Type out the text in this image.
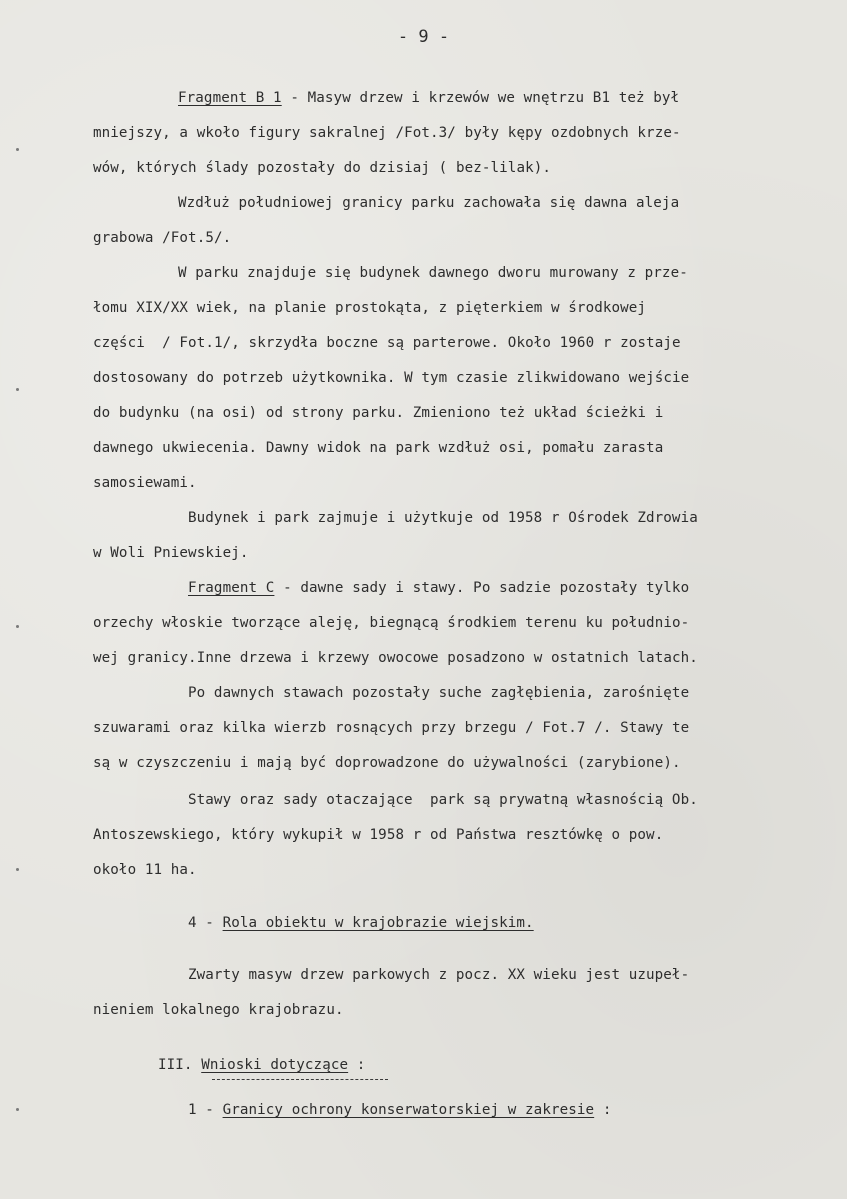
- 9 -
Fragment B 1 - Masyw drzew i krzewów we wnętrzu B1 też był
mniejszy, a wkoło figury sakralnej /Fot.3/ były kępy ozdobnych krze-
wów, których ślady pozostały do dzisiaj ( bez-lilak).
Wzdłuż południowej granicy parku zachowała się dawna aleja
grabowa /Fot.5/.
W parku znajduje się budynek dawnego dworu murowany z prze-
łomu XIX/XX wiek, na planie prostokąta, z pięterkiem w środkowej
części  / Fot.1/, skrzydła boczne są parterowe. Około 1960 r zostaje
dostosowany do potrzeb użytkownika. W tym czasie zlikwidowano wejście
do budynku (na osi) od strony parku. Zmieniono też układ ścieżki i
dawnego ukwiecenia. Dawny widok na park wzdłuż osi, pomału zarasta
samosiewami.
Budynek i park zajmuje i użytkuje od 1958 r Ośrodek Zdrowia
w Woli Pniewskiej.
Fragment C - dawne sady i stawy. Po sadzie pozostały tylko
orzechy włoskie tworzące aleję, biegnącą środkiem terenu ku południo-
wej granicy.Inne drzewa i krzewy owocowe posadzono w ostatnich latach.
Po dawnych stawach pozostały suche zagłębienia, zarośnięte
szuwarami oraz kilka wierzb rosnących przy brzegu / Fot.7 /. Stawy te
są w czyszczeniu i mają być doprowadzone do używalności (zarybione).
Stawy oraz sady otaczające  park są prywatną własnością Ob.
Antoszewskiego, który wykupił w 1958 r od Państwa resztówkę o pow.
około 11 ha.
4 - Rola obiektu w krajobrazie wiejskim.
Zwarty masyw drzew parkowych z pocz. XX wieku jest uzupeł-
nieniem lokalnego krajobrazu.
III. Wnioski dotyczące :
1 - Granicy ochrony konserwatorskiej w zakresie :
